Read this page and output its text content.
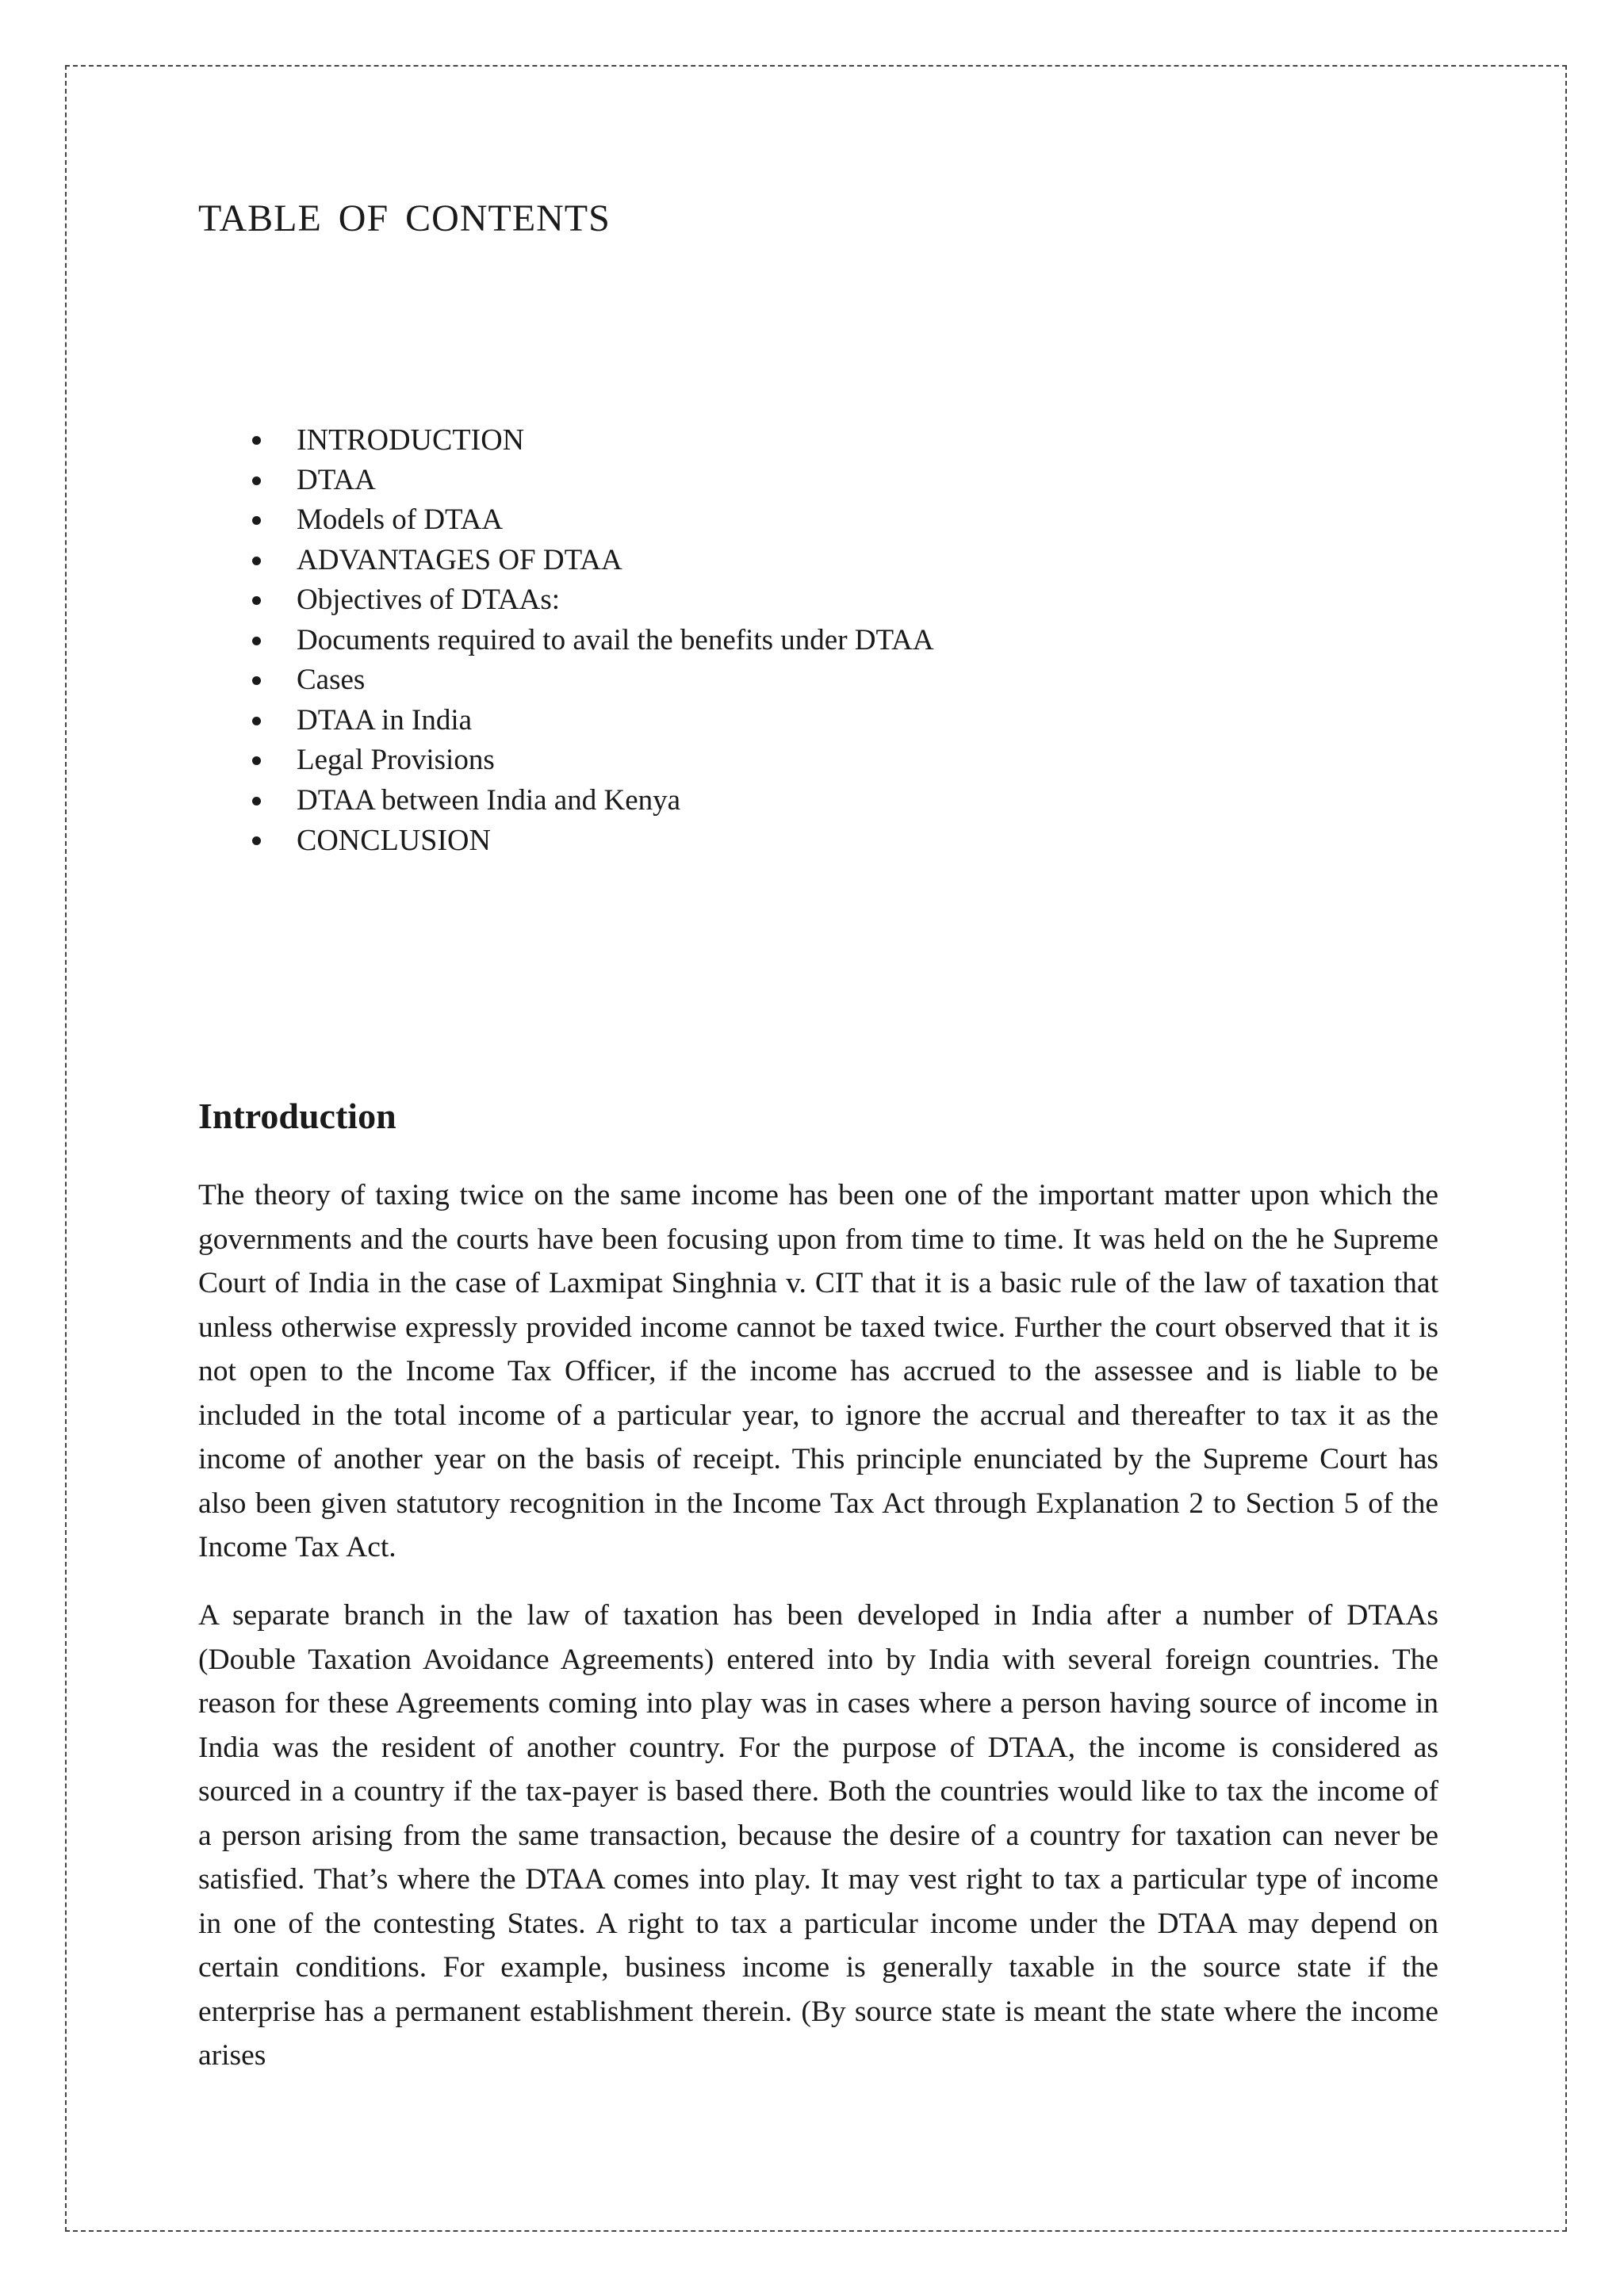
TABLE OF CONTENTS
INTRODUCTION
DTAA
Models of DTAA
ADVANTAGES OF DTAA
Objectives of DTAAs:
Documents required to avail the benefits under DTAA
Cases
DTAA in India
Legal Provisions
DTAA between India and Kenya
CONCLUSION
Introduction

The theory of taxing twice on the same income has been one of the important matter upon which the governments and the courts have been focusing upon from time to time. It was held on the he Supreme Court of India in the case of Laxmipat Singhnia v. CIT that it is a basic rule of the law of taxation that unless otherwise expressly provided income cannot be taxed twice. Further the court observed that it is not open to the Income Tax Officer, if the income has accrued to the assessee and is liable to be included in the total income of a particular year, to ignore the accrual and thereafter to tax it as the income of another year on the basis of receipt. This principle enunciated by the Supreme Court has also been given statutory recognition in the Income Tax Act through Explanation 2 to Section 5 of the Income Tax Act.

A separate branch in the law of taxation has been developed in India after a number of DTAAs (Double Taxation Avoidance Agreements) entered into by India with several foreign countries. The reason for these Agreements coming into play was in cases where a person having source of income in India was the resident of another country. For the purpose of DTAA, the income is considered as sourced in a country if the tax-payer is based there. Both the countries would like to tax the income of a person arising from the same transaction, because the desire of a country for taxation can never be satisfied. That’s where the DTAA comes into play. It may vest right to tax a particular type of income in one of the contesting States. A right to tax a particular income under the DTAA may depend on certain conditions. For example, business income is generally taxable in the source state if the enterprise has a permanent establishment therein. (By source state is meant the state where the income arises
